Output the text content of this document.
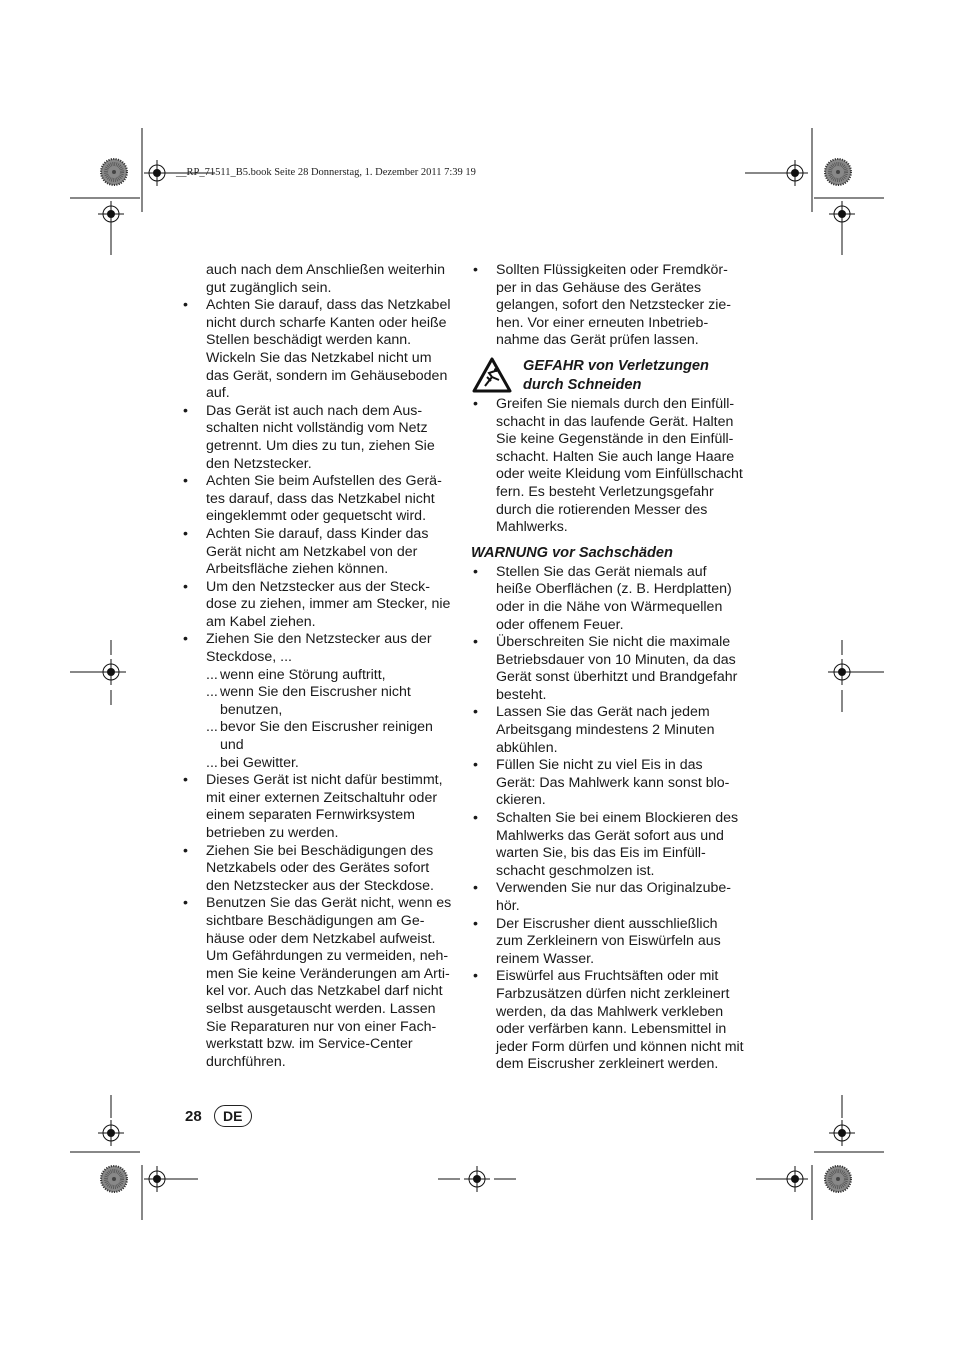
__RP_71511_B5.book Seite 28 Donnerstag, 1. Dezember 2011 7:39 19
auch nach dem Anschließen weiterhin
gut zugänglich sein.
• Achten Sie darauf, dass das Netzkabel
nicht durch scharfe Kanten oder heiße
Stellen beschädigt werden kann.
Wickeln Sie das Netzkabel nicht um
das Gerät, sondern im Gehäuseboden
auf.
• Das Gerät ist auch nach dem Aus-
schalten nicht vollständig vom Netz
getrennt. Um dies zu tun, ziehen Sie
den Netzstecker.
• Achten Sie beim Aufstellen des Gerä-
tes darauf, dass das Netzkabel nicht
eingeklemmt oder gequetscht wird.
• Achten Sie darauf, dass Kinder das
Gerät nicht am Netzkabel von der
Arbeitsfläche ziehen können.
• Um den Netzstecker aus der Steck-
dose zu ziehen, immer am Stecker, nie
am Kabel ziehen.
• Ziehen Sie den Netzstecker aus der
Steckdose, ...
... wenn eine Störung auftritt,
... wenn Sie den Eiscrusher nicht
benutzen,
... bevor Sie den Eiscrusher reinigen
und
... bei Gewitter.
• Dieses Gerät ist nicht dafür bestimmt,
mit einer externen Zeitschaltuhr oder
einem separaten Fernwirksystem
betrieben zu werden.
• Ziehen Sie bei Beschädigungen des
Netzkabels oder des Gerätes sofort
den Netzstecker aus der Steckdose.
• Benutzen Sie das Gerät nicht, wenn es
sichtbare Beschädigungen am Ge-
häuse oder dem Netzkabel aufweist.
Um Gefährdungen zu vermeiden, neh-
men Sie keine Veränderungen am Arti-
kel vor. Auch das Netzkabel darf nicht
selbst ausgetauscht werden. Lassen
Sie Reparaturen nur von einer Fach-
werkstatt bzw. im Service-Center
durchführen.
• Sollten Flüssigkeiten oder Fremdkör-
per in das Gehäuse des Gerätes
gelangen, sofort den Netzstecker zie-
hen. Vor einer erneuten Inbetrieb-
nahme das Gerät prüfen lassen.
GEFAHR von Verletzungen
durch Schneiden
• Greifen Sie niemals durch den Einfüll-
schacht in das laufende Gerät. Halten
Sie keine Gegenstände in den Einfüll-
schacht. Halten Sie auch lange Haare
oder weite Kleidung vom Einfüllschacht
fern. Es besteht Verletzungsgefahr
durch die rotierenden Messer des
Mahlwerks.
WARNUNG vor Sachschäden
• Stellen Sie das Gerät niemals auf
heiße Oberflächen (z. B. Herdplatten)
oder in die Nähe von Wärmequellen
oder offenem Feuer.
• Überschreiten Sie nicht die maximale
Betriebsdauer von 10 Minuten, da das
Gerät sonst überhitzt und Brandgefahr
besteht.
• Lassen Sie das Gerät nach jedem
Arbeitsgang mindestens 2 Minuten
abkühlen.
• Füllen Sie nicht zu viel Eis in das
Gerät: Das Mahlwerk kann sonst blo-
ckieren.
• Schalten Sie bei einem Blockieren des
Mahlwerks das Gerät sofort aus und
warten Sie, bis das Eis im Einfüll-
schacht geschmolzen ist.
• Verwenden Sie nur das Originalzube-
hör.
• Der Eiscrusher dient ausschließlich
zum Zerkleinern von Eiswürfeln aus
reinem Wasser.
• Eiswürfel aus Fruchtsäften oder mit
Farbzusätzen dürfen nicht zerkleinert
werden, da das Mahlwerk verkleben
oder verfärben kann. Lebensmittel in
jeder Form dürfen und können nicht mit
dem Eiscrusher zerkleinert werden.
28	DE
